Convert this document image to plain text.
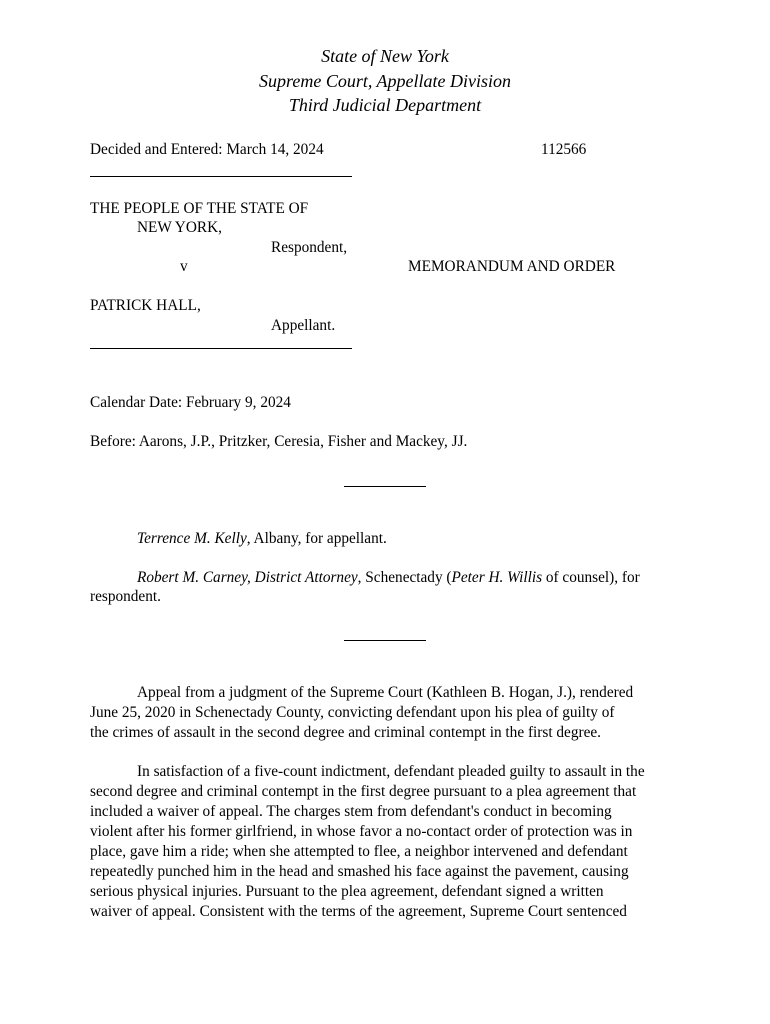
State of New York
Supreme Court, Appellate Division
Third Judicial Department
Decided and Entered: March 14, 2024	112566
THE PEOPLE OF THE STATE OF
NEW YORK,
Respondent,
v	MEMORANDUM AND ORDER
PATRICK HALL,
Appellant.
Calendar Date: February 9, 2024
Before: Aarons, J.P., Pritzker, Ceresia, Fisher and Mackey, JJ.
Terrence M. Kelly, Albany, for appellant.
Robert M. Carney, District Attorney, Schenectady (Peter H. Willis of counsel), for
respondent.
Appeal from a judgment of the Supreme Court (Kathleen B. Hogan, J.), rendered
June 25, 2020 in Schenectady County, convicting defendant upon his plea of guilty of
the crimes of assault in the second degree and criminal contempt in the first degree.
In satisfaction of a five-count indictment, defendant pleaded guilty to assault in the
second degree and criminal contempt in the first degree pursuant to a plea agreement that
included a waiver of appeal. The charges stem from defendant's conduct in becoming
violent after his former girlfriend, in whose favor a no-contact order of protection was in
place, gave him a ride; when she attempted to flee, a neighbor intervened and defendant
repeatedly punched him in the head and smashed his face against the pavement, causing
serious physical injuries. Pursuant to the plea agreement, defendant signed a written
waiver of appeal. Consistent with the terms of the agreement, Supreme Court sentenced
